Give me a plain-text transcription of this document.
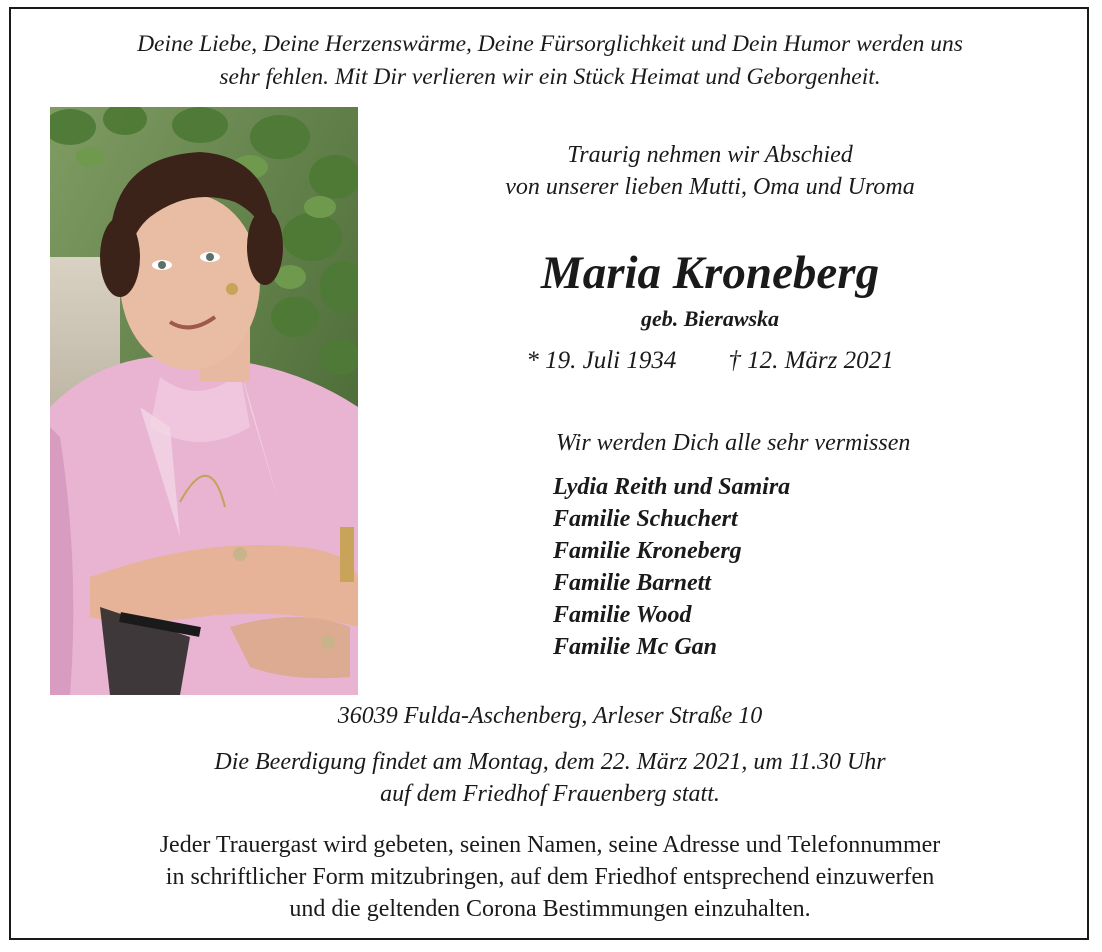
Deine Liebe, Deine Herzenswärme, Deine Fürsorglichkeit und Dein Humor werden uns
sehr fehlen. Mit Dir verlieren wir ein Stück Heimat und Geborgenheit.
Traurig nehmen wir Abschied
von unserer lieben Mutti, Oma und Uroma
Maria Kroneberg
geb. Bierawska
* 19. Juli 1934 † 12. März 2021
Wir werden Dich alle sehr vermissen
Lydia Reith und Samira
Familie Schuchert
Familie Kroneberg
Familie Barnett
Familie Wood
Familie Mc Gan
36039 Fulda-Aschenberg, Arleser Straße 10
Die Beerdigung findet am Montag, dem 22. März 2021, um 11.30 Uhr
auf dem Friedhof Frauenberg statt.
Jeder Trauergast wird gebeten, seinen Namen, seine Adresse und Telefonnummer
in schriftlicher Form mitzubringen, auf dem Friedhof entsprechend einzuwerfen
und die geltenden Corona Bestimmungen einzuhalten.
